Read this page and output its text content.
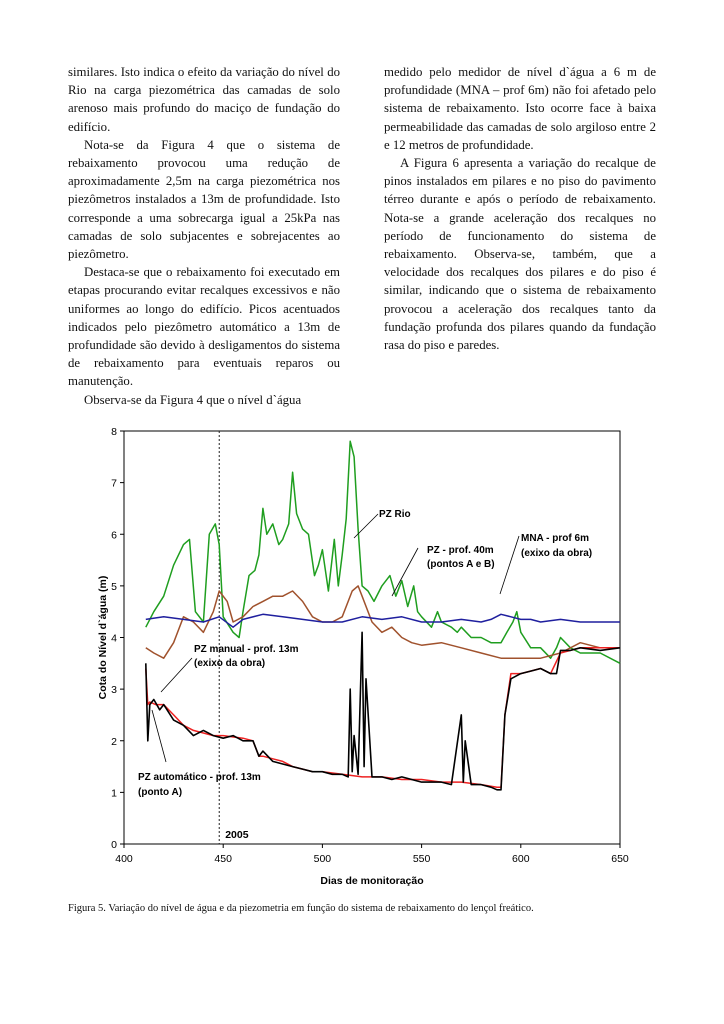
similares. Isto indica o efeito da variação do nível do Rio na carga piezométrica das camadas de solo arenoso mais profundo do maciço de fundação do edifício.

Nota-se da Figura 4 que o sistema de rebaixamento provocou uma redução de aproximadamente 2,5m na carga piezométrica nos piezômetros instalados a 13m de profundidade. Isto corresponde a uma sobrecarga igual a 25kPa nas camadas de solo subjacentes e sobrejacentes ao piezômetro.

Destaca-se que o rebaixamento foi executado em etapas procurando evitar recalques excessivos e não uniformes ao longo do edifício. Picos acentuados indicados pelo piezômetro automático a 13m de profundidade são devido à desligamentos do sistema de rebaixamento para eventuais reparos ou manutenção.

Observa-se da Figura 4 que o nível d`água

medido pelo medidor de nível d`água a 6 m de profundidade (MNA – prof 6m) não foi afetado pelo sistema de rebaixamento. Isto ocorre face à baixa permeabilidade das camadas de solo argiloso entre 2 e 12 metros de profundidade.

A Figura 6 apresenta a variação do recalque de pinos instalados em pilares e no piso do pavimento térreo durante e após o período de rebaixamento. Nota-se a grande aceleração dos recalques no período de funcionamento do sistema de rebaixamento. Observa-se, também, que a velocidade dos recalques dos pilares e do piso é similar, indicando que o sistema de rebaixamento provocou a aceleração dos recalques tanto da fundação profunda dos pilares quando da fundação rasa do piso e paredes.

2005
400	450	500	550	600	650
0
1
2
3
4
5
6
7
8
Dias de monitoração
Cota do Nível d`água (m)
PZ Rio
PZ - prof. 40m
(pontos A e B)
MNA - prof 6m
(exixo da obra)
PZ manual - prof. 13m
(exixo da obra)
PZ automático - prof. 13m
(ponto A)
Figura 5. Variação do nível de água e da piezometria em função do sistema de rebaixamento do lençol freático.
